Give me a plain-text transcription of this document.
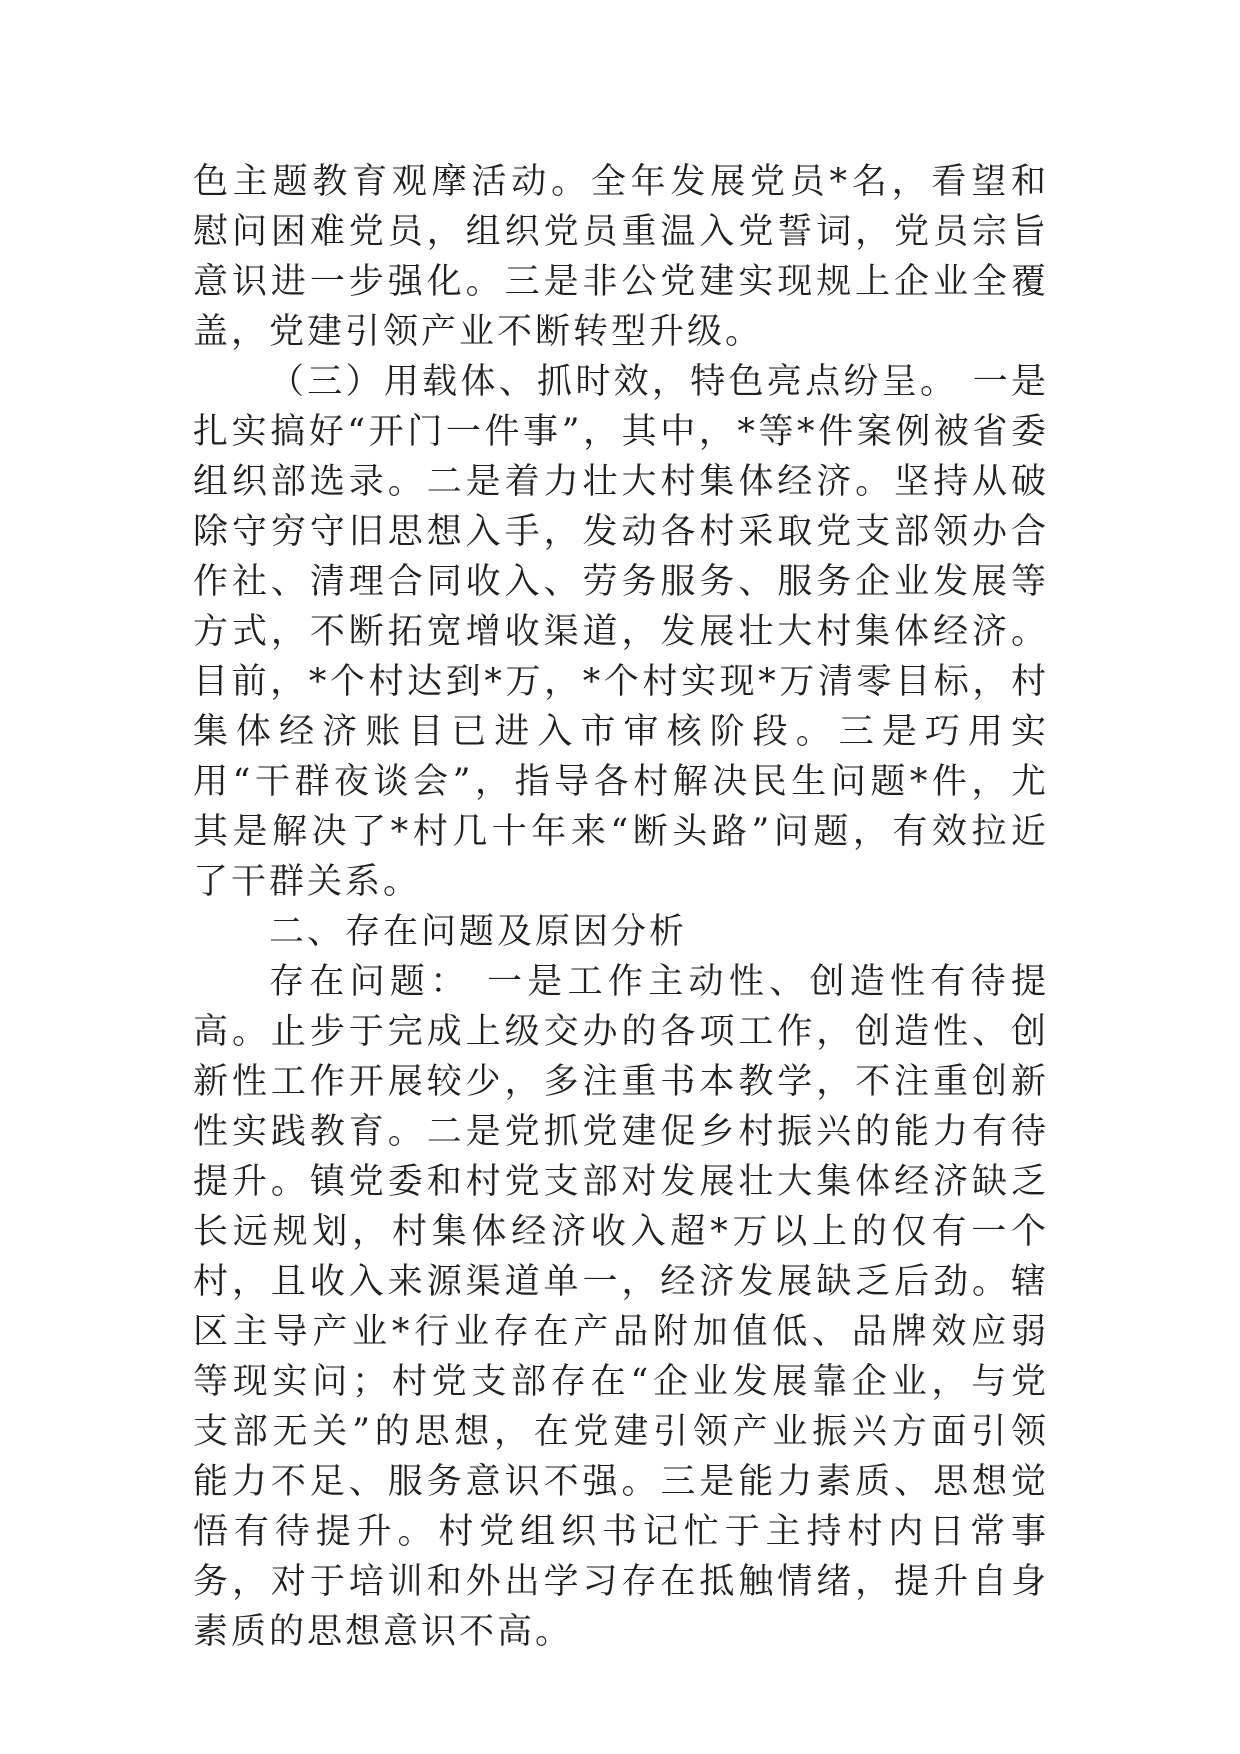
色主题教育观摩活动。全年发展党员*名，看望和慰问困难党员，组织党员重温入党誓词，党员宗旨意识进一步强化。三是非公党建实现规上企业全覆盖，党建引领产业不断转型升级。

（三）用载体、抓时效，特色亮点纷呈。 一是扎实搞好“开门一件事”，其中，*等*件案例被省委组织部选录。二是着力壮大村集体经济。坚持从破除守穷守旧思想入手，发动各村采取党支部领办合作社、清理合同收入、劳务服务、服务企业发展等方式，不断拓宽增收渠道，发展壮大村集体经济。目前，*个村达到*万，*个村实现*万清零目标，村集体经济账目已进入市审核阶段。三是巧用实用“干群夜谈会”，指导各村解决民生问题*件，尤其是解决了*村几十年来“断头路”问题，有效拉近了干群关系。

二、存在问题及原因分析

存在问题： 一是工作主动性、创造性有待提高。止步于完成上级交办的各项工作，创造性、创新性工作开展较少，多注重书本教学，不注重创新性实践教育。二是党抓党建促乡村振兴的能力有待提升。镇党委和村党支部对发展壮大集体经济缺乏长远规划，村集体经济收入超*万以上的仅有一个村，且收入来源渠道单一，经济发展缺乏后劲。辖区主导产业*行业存在产品附加值低、品牌效应弱等现实问；村党支部存在“企业发展靠企业，与党支部无关”的思想，在党建引领产业振兴方面引领能力不足、服务意识不强。三是能力素质、思想觉悟有待提升。村党组织书记忙于主持村内日常事务，对于培训和外出学习存在抵触情绪，提升自身素质的思想意识不高。
